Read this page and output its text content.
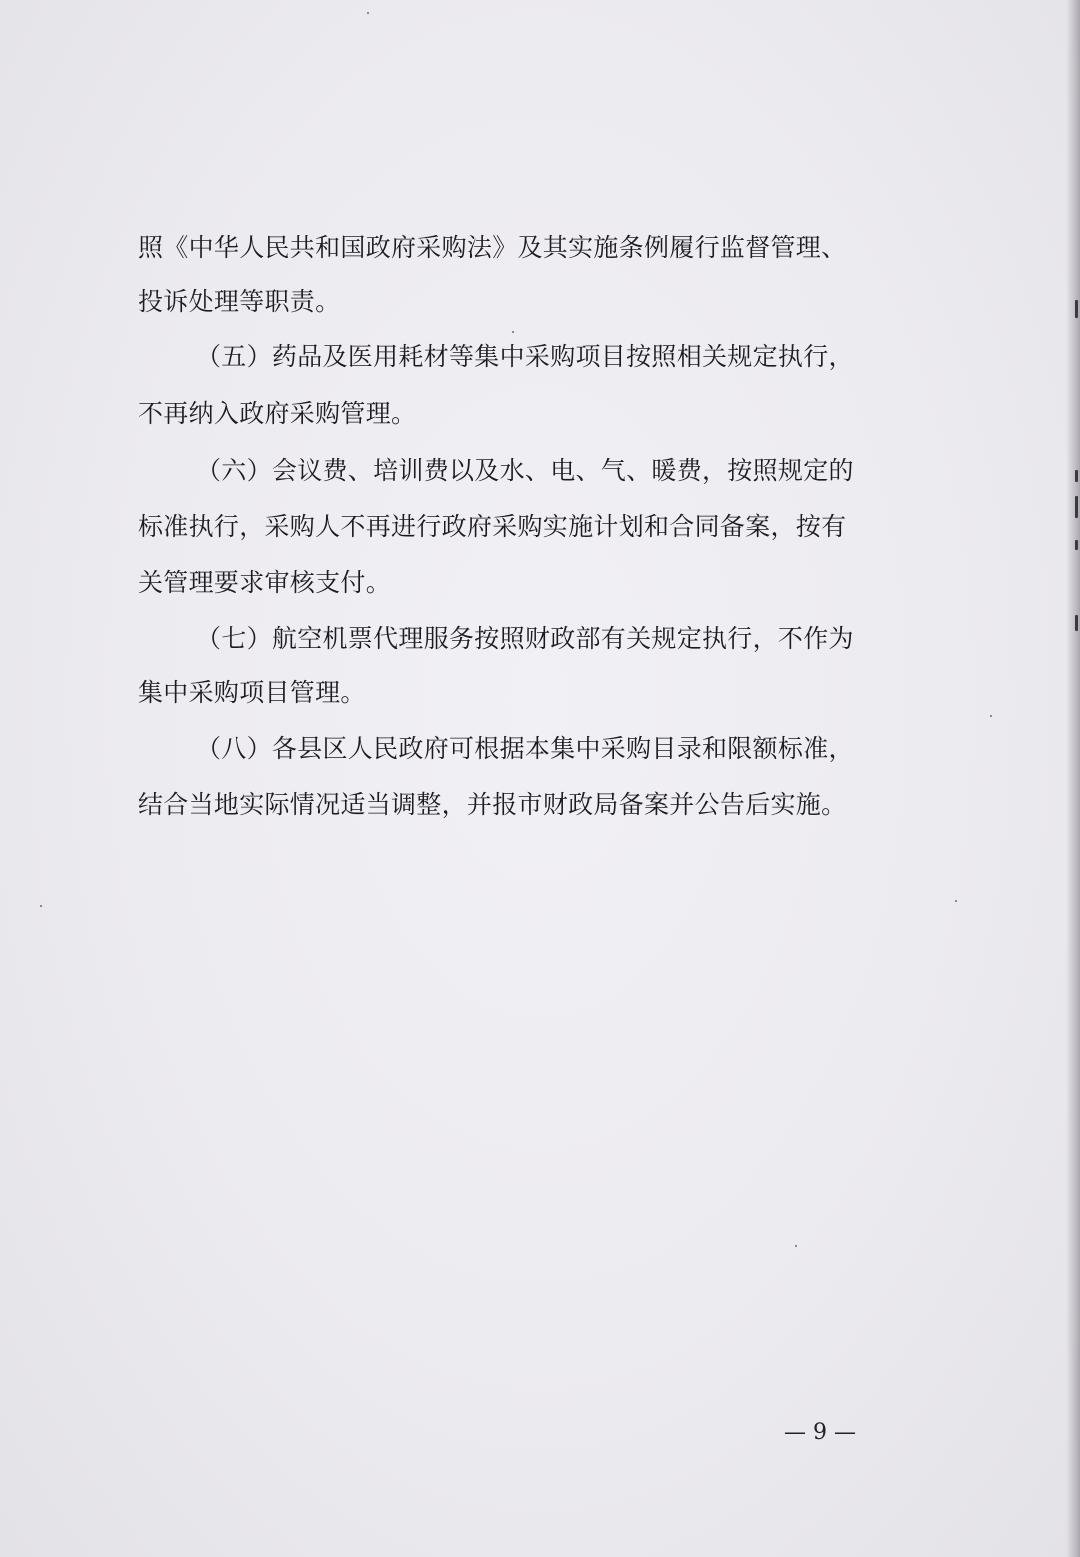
照《中华人民共和国政府采购法》及其实施条例履行监督管理、

投诉处理等职责。

（五）药品及医用耗材等集中采购项目按照相关规定执行，

不再纳入政府采购管理。

（六）会议费、培训费以及水、电、气、暖费，按照规定的

标准执行，采购人不再进行政府采购实施计划和合同备案，按有

关管理要求审核支付。

（七）航空机票代理服务按照财政部有关规定执行，不作为

集中采购项目管理。

（八）各县区人民政府可根据本集中采购目录和限额标准，

结合当地实际情况适当调整，并报市财政局备案并公告后实施。

— 9 —
